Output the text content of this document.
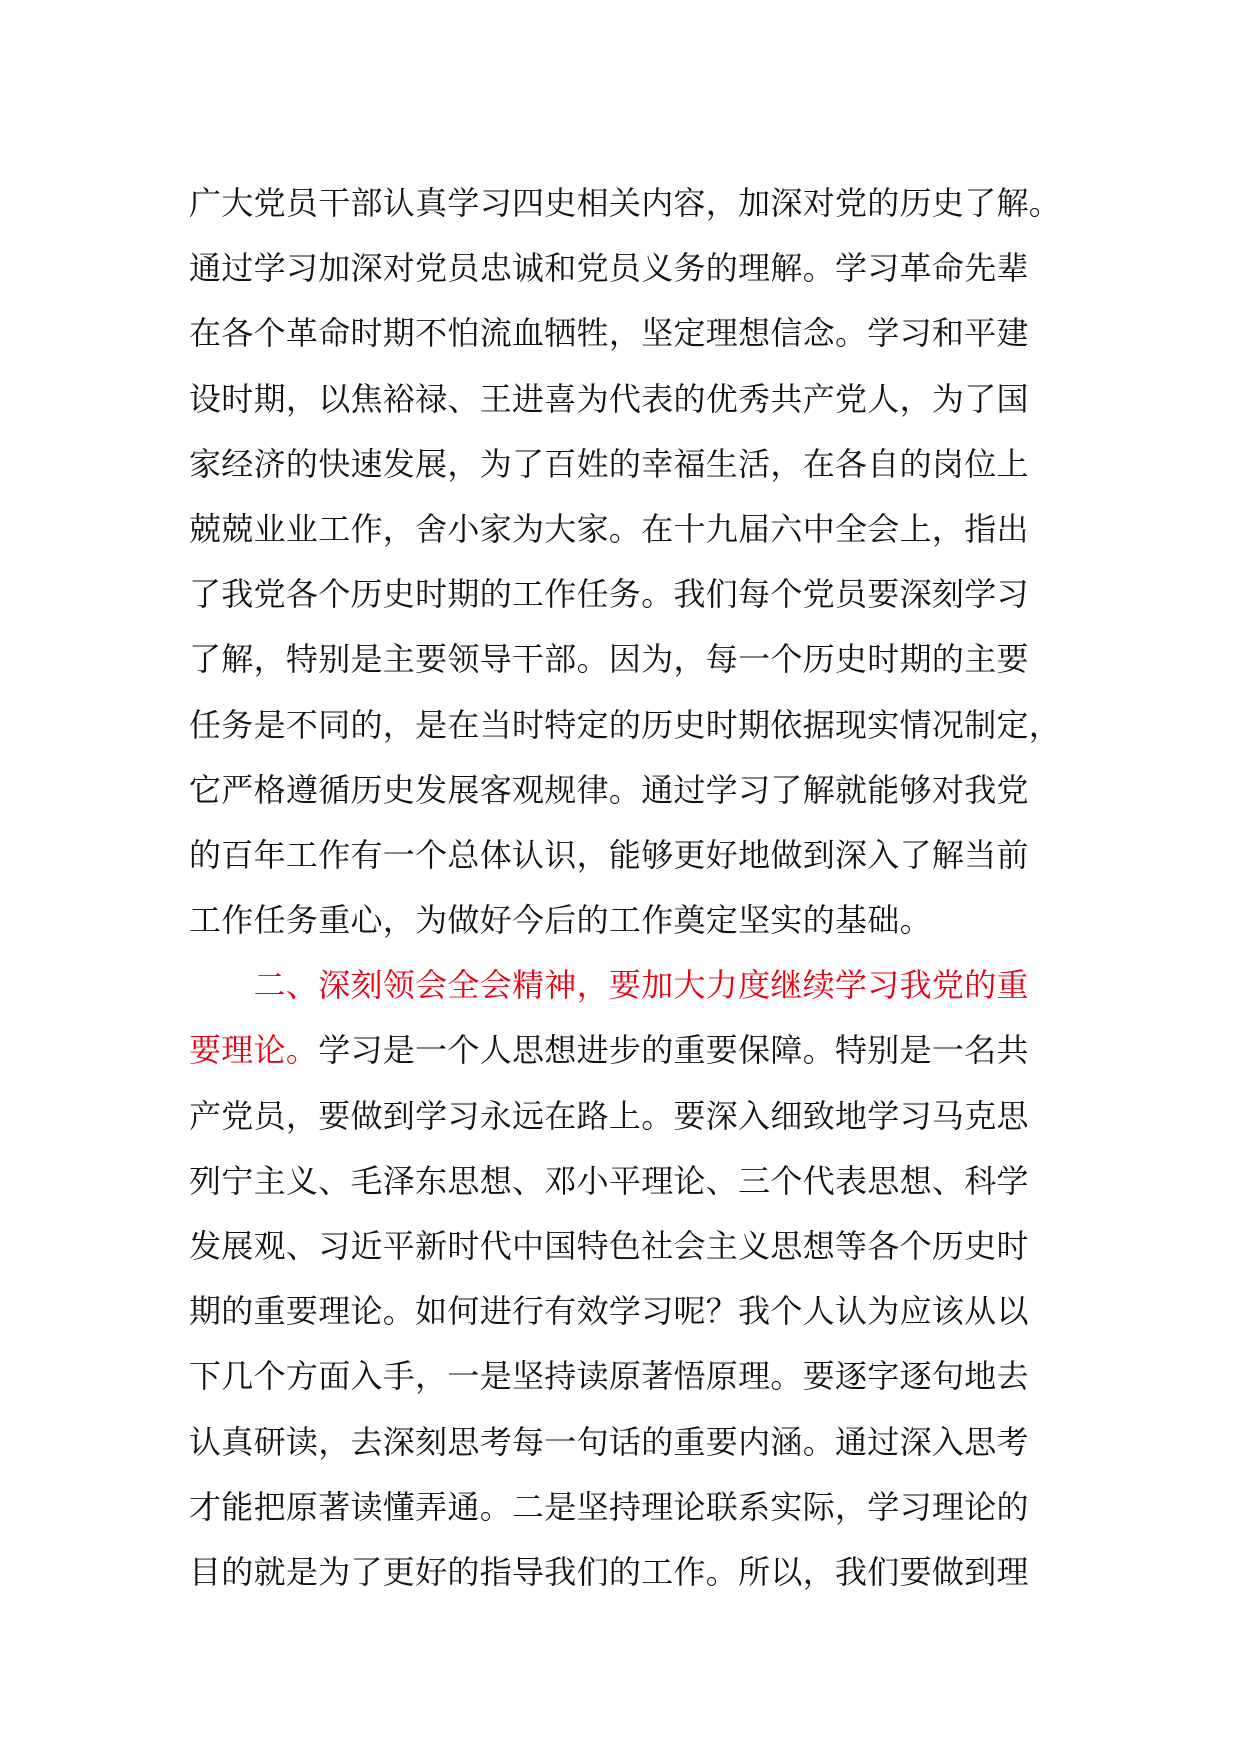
广大党员干部认真学习四史相关内容，加深对党的历史了解。
通过学习加深对党员忠诚和党员义务的理解。学习革命先辈
在各个革命时期不怕流血牺牲，坚定理想信念。学习和平建
设时期，以焦裕禄、王进喜为代表的优秀共产党人，为了国
家经济的快速发展，为了百姓的幸福生活，在各自的岗位上
兢兢业业工作，舍小家为大家。在十九届六中全会上，指出
了我党各个历史时期的工作任务。我们每个党员要深刻学习
了解，特别是主要领导干部。因为，每一个历史时期的主要
任务是不同的，是在当时特定的历史时期依据现实情况制定，
它严格遵循历史发展客观规律。通过学习了解就能够对我党
的百年工作有一个总体认识，能够更好地做到深入了解当前
工作任务重心，为做好今后的工作奠定坚实的基础。
　　二、深刻领会全会精神，要加大力度继续学习我党的重
要理论。学习是一个人思想进步的重要保障。特别是一名共
产党员，要做到学习永远在路上。要深入细致地学习马克思
列宁主义、毛泽东思想、邓小平理论、三个代表思想、科学
发展观、习近平新时代中国特色社会主义思想等各个历史时
期的重要理论。如何进行有效学习呢？我个人认为应该从以
下几个方面入手，一是坚持读原著悟原理。要逐字逐句地去
认真研读，去深刻思考每一句话的重要内涵。通过深入思考
才能把原著读懂弄通。二是坚持理论联系实际，学习理论的
目的就是为了更好的指导我们的工作。所以，我们要做到理
